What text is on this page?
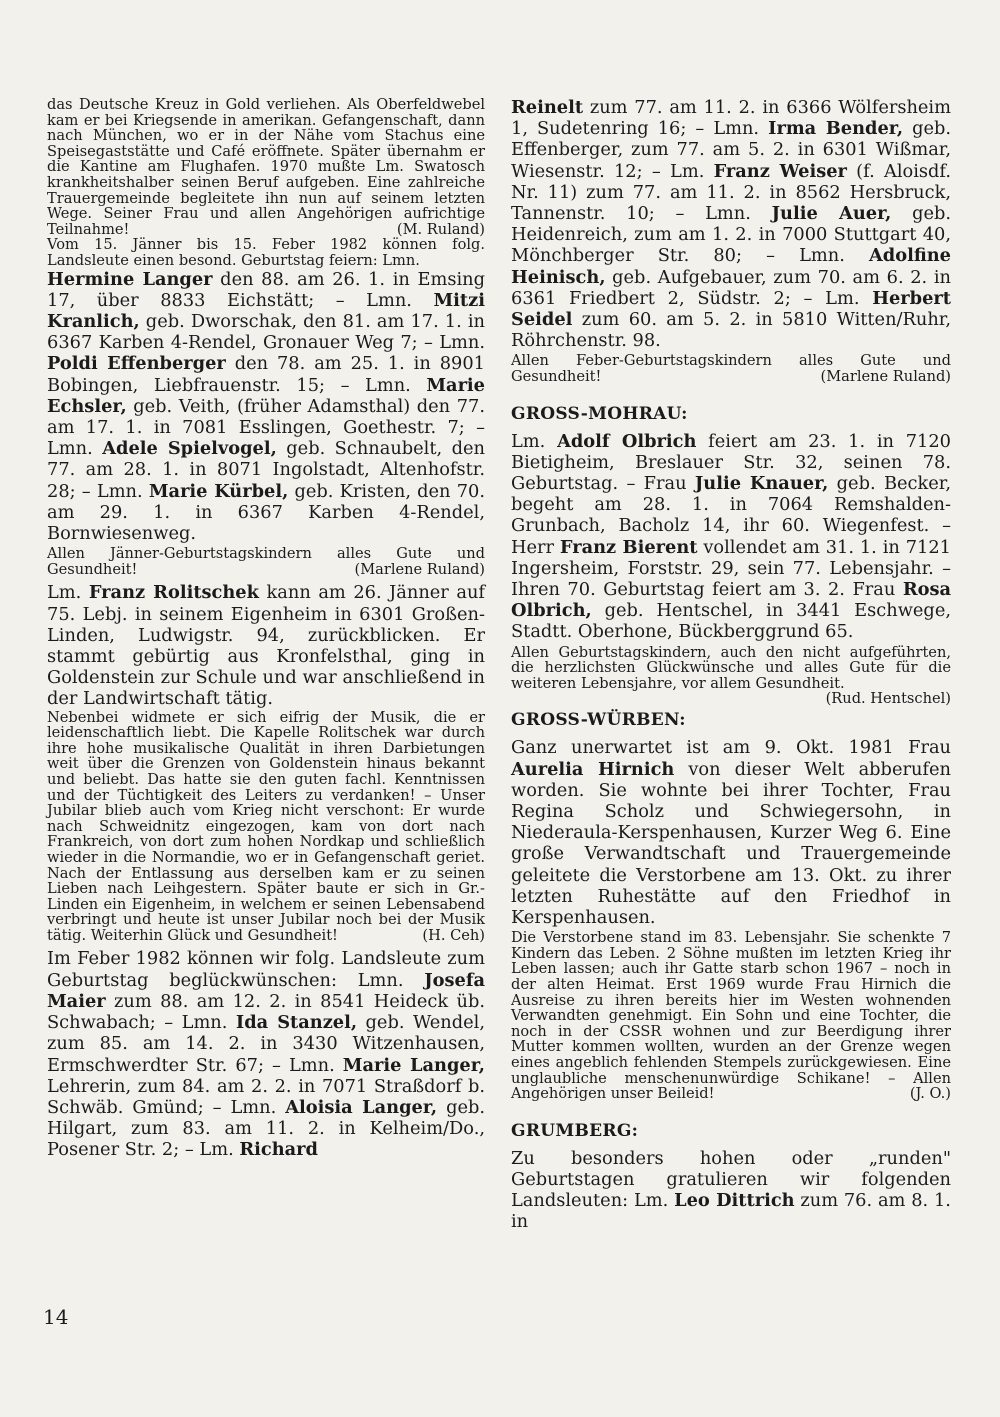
das Deutsche Kreuz in Gold verliehen. Als Oberfeldwebel kam er bei Kriegsende in amerikan. Gefangenschaft, dann nach München, wo er in der Nähe vom Stachus eine Speisegaststätte und Café eröffnete. Später übernahm er die Kantine am Flughafen. 1970 mußte Lm. Swatosch krankheitshalber seinen Beruf aufgeben. Eine zahlreiche Trauergemeinde begleitete ihn nun auf seinem letzten Wege. Seiner Frau und allen Angehörigen aufrichtige Teilnahme!	(M. Ruland)

Vom 15. Jänner bis 15. Feber 1982 können folg. Landsleute einen besond. Geburtstag feiern: Lmn.

Hermine Langer den 88. am 26. 1. in Emsing 17, über 8833 Eichstätt; – Lmn. Mitzi Kranlich, geb. Dworschak, den 81. am 17. 1. in 6367 Karben 4-Rendel, Gronauer Weg 7; – Lmn. Poldi Effenberger den 78. am 25. 1. in 8901 Bobingen, Liebfrauenstr. 15; – Lmn. Marie Echsler, geb. Veith, (früher Adamsthal) den 77. am 17. 1. in 7081 Esslingen, Goethestr. 7; – Lmn. Adele Spielvogel, geb. Schnaubelt, den 77. am 28. 1. in 8071 Ingolstadt, Altenhofstr. 28; – Lmn. Marie Kürbel, geb. Kristen, den 70. am 29. 1. in 6367 Karben 4-Rendel, Bornwiesenweg.

Allen Jänner-Geburtstagskindern alles Gute und Gesundheit!	(Marlene Ruland)

Lm. Franz Rolitschek kann am 26. Jänner auf 75. Lebj. in seinem Eigenheim in 6301 Großen-Linden, Ludwigstr. 94, zurückblicken. Er stammt gebürtig aus Kronfelsthal, ging in Goldenstein zur Schule und war anschließend in der Landwirtschaft tätig.

Nebenbei widmete er sich eifrig der Musik, die er leidenschaftlich liebt. Die Kapelle Rolitschek war durch ihre hohe musikalische Qualität in ihren Darbietungen weit über die Grenzen von Goldenstein hinaus bekannt und beliebt. Das hatte sie den guten fachl. Kenntnissen und der Tüchtigkeit des Leiters zu verdanken! – Unser Jubilar blieb auch vom Krieg nicht verschont: Er wurde nach Schweidnitz eingezogen, kam von dort nach Frankreich, von dort zum hohen Nordkap und schließlich wieder in die Normandie, wo er in Gefangenschaft geriet. Nach der Entlassung aus derselben kam er zu seinen Lieben nach Leihgestern. Später baute er sich in Gr.-Linden ein Eigenheim, in welchem er seinen Lebensabend verbringt und heute ist unser Jubilar noch bei der Musik tätig. Weiterhin Glück und Gesundheit!	(H. Ceh)

Im Feber 1982 können wir folg. Landsleute zum Geburtstag beglückwünschen: Lmn. Josefa Maier zum 88. am 12. 2. in 8541 Heideck üb. Schwabach; – Lmn. Ida Stanzel, geb. Wendel, zum 85. am 14. 2. in 3430 Witzenhausen, Ermschwerdter Str. 67; – Lmn. Marie Langer, Lehrerin, zum 84. am 2. 2. in 7071 Straßdorf b. Schwäb. Gmünd; – Lmn. Aloisia Langer, geb. Hilgart, zum 83. am 11. 2. in Kelheim/Do., Posener Str. 2; – Lm. Richard

Reinelt zum 77. am 11. 2. in 6366 Wölfersheim 1, Sudetenring 16; – Lmn. Irma Bender, geb. Effenberger, zum 77. am 5. 2. in 6301 Wißmar, Wiesenstr. 12; – Lm. Franz Weiser (f. Aloisdf. Nr. 11) zum 77. am 11. 2. in 8562 Hersbruck, Tannenstr. 10; – Lmn. Julie Auer, geb. Heidenreich, zum am 1. 2. in 7000 Stuttgart 40, Mönchberger Str. 80; – Lmn. Adolfine Heinisch, geb. Aufgebauer, zum 70. am 6. 2. in 6361 Friedbert 2, Südstr. 2; – Lm. Herbert Seidel zum 60. am 5. 2. in 5810 Witten/Ruhr, Röhrchenstr. 98.

Allen Feber-Geburtstagskindern alles Gute und Gesundheit!	(Marlene Ruland)

GROSS-MOHRAU:

Lm. Adolf Olbrich feiert am 23. 1. in 7120 Bietigheim, Breslauer Str. 32, seinen 78. Geburtstag. – Frau Julie Knauer, geb. Becker, begeht am 28. 1. in 7064 Remshalden-Grunbach, Bacholz 14, ihr 60. Wiegenfest. – Herr Franz Bierent vollendet am 31. 1. in 7121 Ingersheim, Forststr. 29, sein 77. Lebensjahr. – Ihren 70. Geburtstag feiert am 3. 2. Frau Rosa Olbrich, geb. Hentschel, in 3441 Eschwege, Stadtt. Oberhone, Bückberggrund 65.

Allen Geburtstagskindern, auch den nicht aufgeführten, die herzlichsten Glückwünsche und alles Gute für die weiteren Lebensjahre, vor allem Gesundheit.
(Rud. Hentschel)

GROSS-WÜRBEN:

Ganz unerwartet ist am 9. Okt. 1981 Frau Aurelia Hirnich von dieser Welt abberufen worden. Sie wohnte bei ihrer Tochter, Frau Regina Scholz und Schwiegersohn, in Niederaula-Kerspenhausen, Kurzer Weg 6. Eine große Verwandtschaft und Trauergemeinde geleitete die Verstorbene am 13. Okt. zu ihrer letzten Ruhestätte auf den Friedhof in Kerspenhausen.

Die Verstorbene stand im 83. Lebensjahr. Sie schenkte 7 Kindern das Leben. 2 Söhne mußten im letzten Krieg ihr Leben lassen; auch ihr Gatte starb schon 1967 – noch in der alten Heimat. Erst 1969 wurde Frau Hirnich die Ausreise zu ihren bereits hier im Westen wohnenden Verwandten genehmigt. Ein Sohn und eine Tochter, die noch in der CSSR wohnen und zur Beerdigung ihrer Mutter kommen wollten, wurden an der Grenze wegen eines angeblich fehlenden Stempels zurückgewiesen. Eine unglaubliche menschenunwürdige Schikane! – Allen Angehörigen unser Beileid!	(J. O.)

GRUMBERG:

Zu besonders hohen oder „runden" Geburtstagen gratulieren wir folgenden Landsleuten: Lm. Leo Dittrich zum 76. am 8. 1. in

14
